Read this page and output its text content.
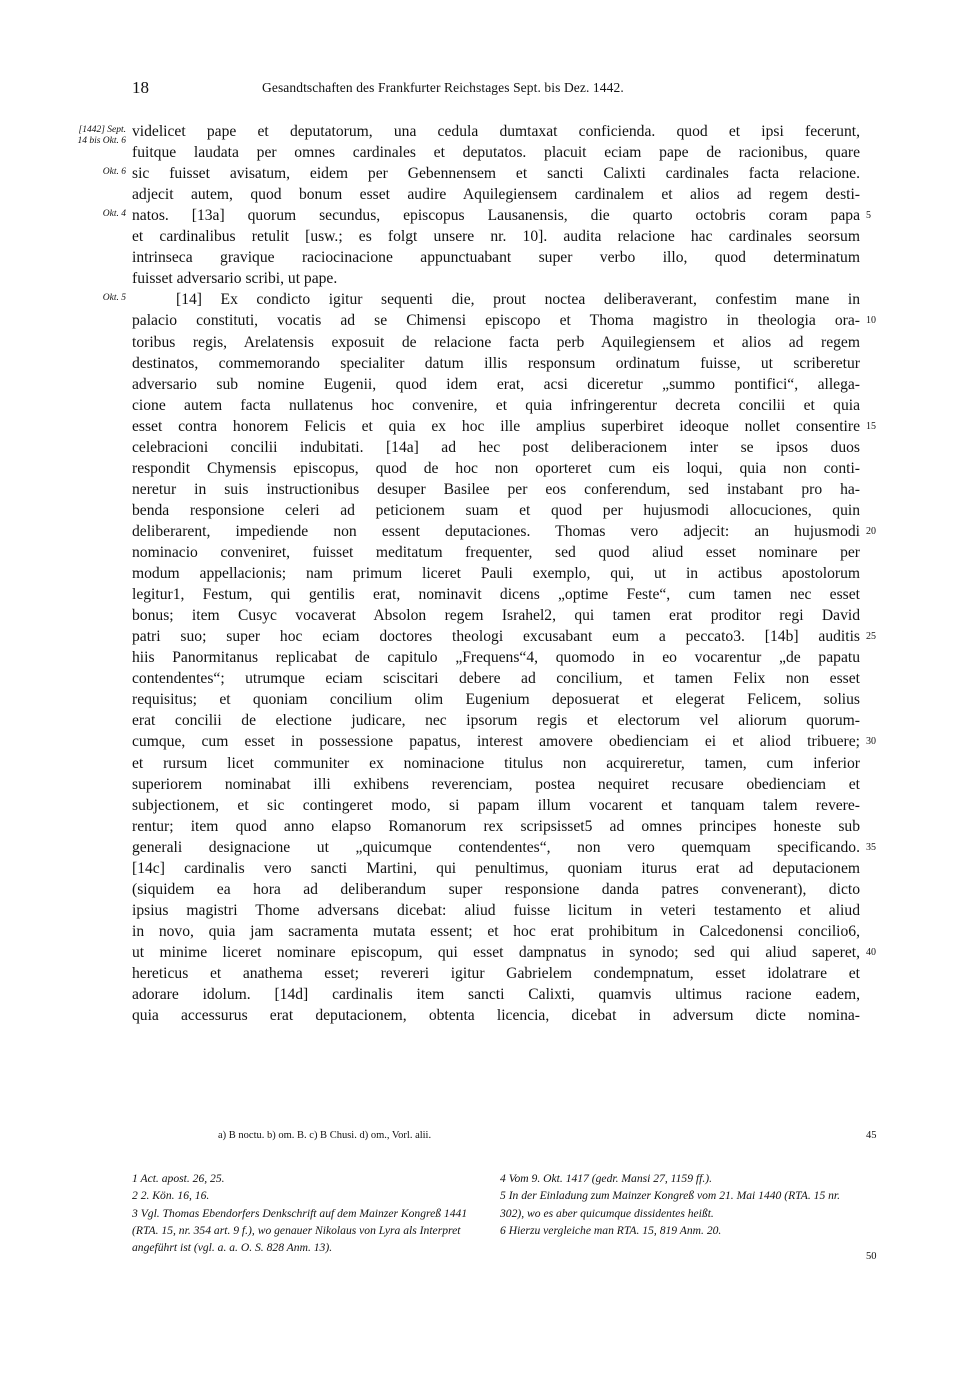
18	Gesandtschaften des Frankfurter Reichstages Sept. bis Dez. 1442.
[1442] Sept. 14 bis Okt. 6
Okt. 6
Okt. 4
Okt. 5
videlicet pape et deputatorum, una cedula dumtaxat conficienda. quod et ipsi fecerunt,
fuitque laudata per omnes cardinales et deputatos. placuit eciam pape de racionibus, quare
sic fuisset avisatum, eidem per Gebennensem et sancti Calixti cardinales facta relacione.
adjecit autem, quod bonum esset audire Aquilegiensem cardinalem et alios ad regem desti-
natos. [13a] quorum secundus, episcopus Lausanensis, die quarto octobris coram papa
et cardinalibus retulit [usw.; es folgt unsere nr. 10]. audita relacione hac cardinales seorsum
intrinseca gravique raciocinacione appunctuabant super verbo illo, quod determinatum
fuisset adversario scribi, ut pape.
[14] Ex condicto igitur sequenti die, prout noctea deliberaverant, confestim mane in
palacio constituti, vocatis ad se Chimensi episcopo et Thoma magistro in theologia ora-
toribus regis, Arelatensis exposuit de relacione facta perb Aquilegiensem et alios ad regem
destinatos, commemorando specialiter datum illis responsum ordinatum fuisse, ut scriberetur
adversario sub nomine Eugenii, quod idem erat, acsi diceretur „summo pontifici“, allega-
cione autem facta nullatenus hoc convenire, et quia infringerentur decreta concilii et quia
esset contra honorem Felicis et quia ex hoc ille amplius superbiret ideoque nollet consentire
celebracioni concilii indubitati. [14a] ad hec post deliberacionem inter se ipsos duos
respondit Chymensis episcopus, quod de hoc non oporteret cum eis loqui, quia non conti-
neretur in suis instructionibus desuper Basilee per eos conferendum, sed instabant pro ha-
benda responsione celeri ad peticionem suam et quod per hujusmodi allocuciones, quin
deliberarent, impediende non essent deputaciones. Thomas vero adjecit: an hujusmodi
nominacio conveniret, fuisset meditatum frequenter, sed quod aliud esset nominare per
modum appellacionis; nam primum liceret Pauli exemplo, qui, ut in actibus apostolorum
legitur1, Festum, qui gentilis erat, nominavit dicens „optime Feste“, cum tamen nec esset
bonus; item Cusyc vocaverat Absolon regem Israhel2, qui tamen erat proditor regi David
patri suo; super hoc eciam doctores theologi excusabant eum a peccato3. [14b] auditis
hiis Panormitanus replicabat de capitulo „Frequens“4, quomodo in eo vocarentur „de papatu
contendentes“; utrumque eciam sciscitari debere ad concilium, et tamen Felix non esset
requisitus; et quoniam concilium olim Eugenium deposuerat et elegerat Felicem, solius
erat concilii de electione judicare, nec ipsorum regis et electorum vel aliorum quorum-
cumque, cum esset in possessione papatus, interest amovere obedienciam ei et aliod tribuere;
et rursum licet communiter ex nominacione titulus non acquireretur, tamen, cum inferior
superiorem nominabat illi exhibens reverenciam, postea nequiret recusare obedienciam et
subjectionem, et sic contingeret modo, si papam illum vocarent et tanquam talem revere-
rentur; item quod anno elapso Romanorum rex scripsisset5 ad omnes principes honeste sub
generali designacione ut „quicumque contendentes“, non vero quemquam specificando.
[14c] cardinalis vero sancti Martini, qui penultimus, quoniam iturus erat ad deputacionem
(siquidem ea hora ad deliberandum super responsione danda patres convenerant), dicto
ipsius magistri Thome adversans dicebat: aliud fuisse licitum in veteri testamento et aliud
in novo, quia jam sacramenta mutata essent; et hoc erat prohibitum in Calcedonensi concilio6,
ut minime liceret nominare episcopum, qui esset dampnatus in synodo; sed qui aliud saperet,
hereticus et anathema esset; revereri igitur Gabrielem condempnatum, esset idolatrare et
adorare idolum. [14d] cardinalis item sancti Calixti, quamvis ultimus racione eadem,
quia accessurus erat deputacionem, obtenta licencia, dicebat in adversum dicte nomina-
5
10
15
20
25
30
35
40
a) B noctu. b) om. B. c) B Chusi. d) om., Vorl. alii.	45

1 Act. apost. 26, 25.

2 2. Kön. 16, 16.

3 Vgl. Thomas Ebendorfers Denkschrift auf dem Mainzer Kongreß 1441 (RTA. 15, nr. 354 art. 9 f.), wo genauer Nikolaus von Lyra als Interpret angeführt ist (vgl. a. a. O. S. 828 Anm. 13).

4 Vom 9. Okt. 1417 (gedr. Mansi 27, 1159 ff.).

5 In der Einladung zum Mainzer Kongreß vom 21. Mai 1440 (RTA. 15 nr. 302), wo es aber quicumque dissidentes heißt.

6 Hierzu vergleiche man RTA. 15, 819 Anm. 20.

50
